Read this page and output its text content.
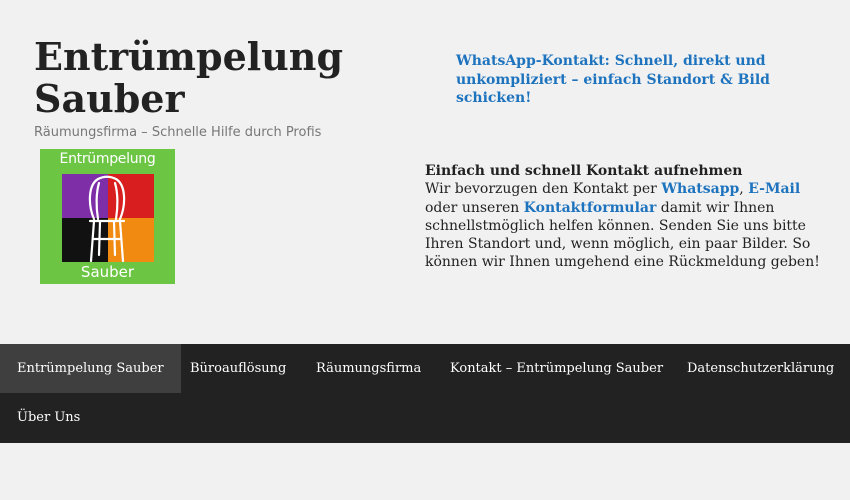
Entrümpelung Sauber
Räumungsfirma – Schnelle Hilfe durch Profis
Entrümpelung
Sauber
WhatsApp-Kontakt: Schnell, direkt und unkompliziert – einfach Standort & Bild schicken!
Einfach und schnell Kontakt aufnehmen
Wir bevorzugen den Kontakt per Whatsapp, E-Mail oder unseren Kontaktformular damit wir Ihnen schnellstmöglich helfen können. Senden Sie uns bitte Ihren Standort und, wenn möglich, ein paar Bilder. So können wir Ihnen umgehend eine Rückmeldung geben!
Entrümpelung Sauber	Büroauflösung	Räumungsfirma	Kontakt – Entrümpelung Sauber	Datenschutzerklärung
Über Uns
